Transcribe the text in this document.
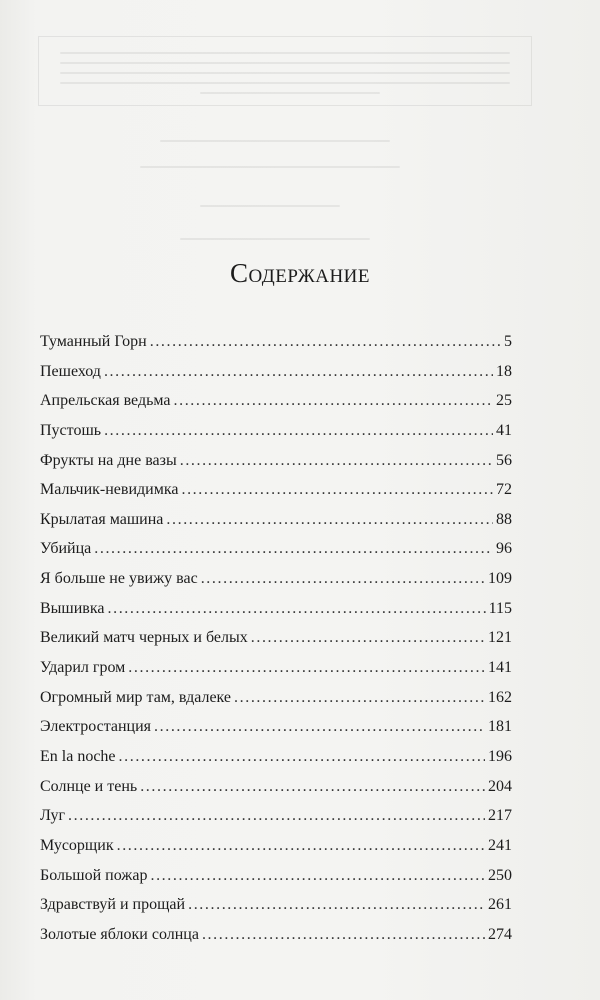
Содержание
Туманный Горн . . .	5
Пешеход . . .	18
Апрельская ведьма . . .	25
Пустошь . . .	41
Фрукты на дне вазы . . .	56
Мальчик-невидимка . . .	72
Крылатая машина . . .	88
Убийца . . .	96
Я больше не увижу вас . . .	109
Вышивка . . .	115
Великий матч черных и белых . . .	121
Ударил гром . . .	141
Огромный мир там, вдалеке . . .	162
Электростанция . . .	181
En la noche . . .	196
Солнце и тень . . .	204
Луг . . .	217
Мусорщик . . .	241
Большой пожар . . .	250
Здравствуй и прощай . . .	261
Золотые яблоки солнца . . .	274
